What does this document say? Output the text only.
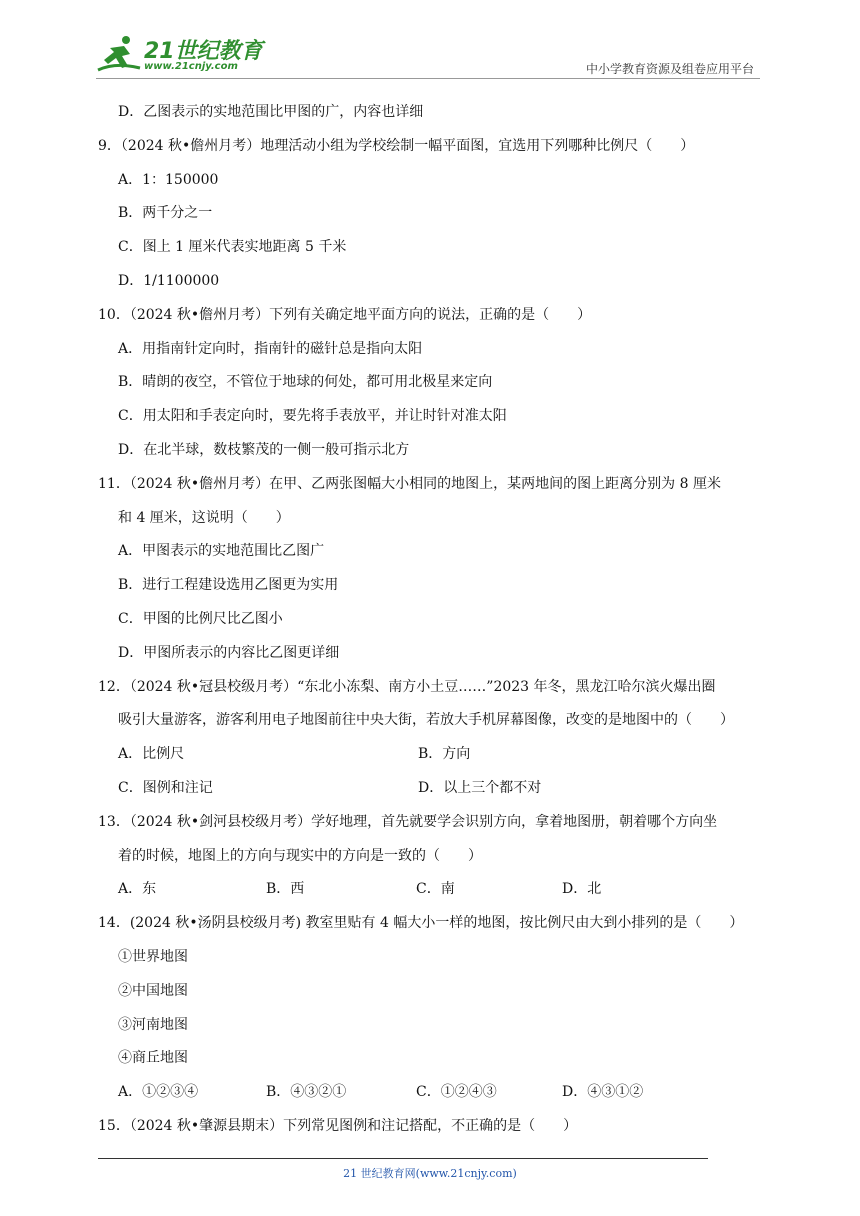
21世纪教育
www.21cnjy.com	中小学教育资源及组卷应用平台
D．乙图表示的实地范围比甲图的广，内容也详细
9．（2024 秋•儋州月考）地理活动小组为学校绘制一幅平面图，宜选用下列哪种比例尺（　　）
A．1：150000
B．两千分之一
C．图上 1 厘米代表实地距离 5 千米
D．1/1100000
10．（2024 秋•儋州月考）下列有关确定地平面方向的说法，正确的是（　　）
A．用指南针定向时，指南针的磁针总是指向太阳
B．晴朗的夜空，不管位于地球的何处，都可用北极星来定向
C．用太阳和手表定向时，要先将手表放平，并让时针对准太阳
D．在北半球，数枝繁茂的一侧一般可指示北方
11．（2024 秋•儋州月考）在甲、乙两张图幅大小相同的地图上，某两地间的图上距离分别为 8 厘米
和 4 厘米，这说明（　　）
A．甲图表示的实地范围比乙图广
B．进行工程建设选用乙图更为实用
C．甲图的比例尺比乙图小
D．甲图所表示的内容比乙图更详细
12．（2024 秋•冠县校级月考）“东北小冻梨、南方小土豆……”2023 年冬，黑龙江哈尔滨火爆出圈
吸引大量游客，游客利用电子地图前往中央大街，若放大手机屏幕图像，改变的是地图中的（　　）
A．比例尺	B．方向
C．图例和注记	D．以上三个都不对
13．（2024 秋•剑河县校级月考）学好地理，首先就要学会识别方向，拿着地图册，朝着哪个方向坐
着的时候，地图上的方向与现实中的方向是一致的（　　）
A．东	B．西	C．南	D．北
14．(2024 秋•汤阴县校级月考) 教室里贴有 4 幅大小一样的地图，按比例尺由大到小排列的是（　　）
①世界地图
②中国地图
③河南地图
④商丘地图
A．①②③④	B．④③②①	C．①②④③	D．④③①②
15．（2024 秋•肇源县期末）下列常见图例和注记搭配，不正确的是（　　）
21 世纪教育网(www.21cnjy.com)
